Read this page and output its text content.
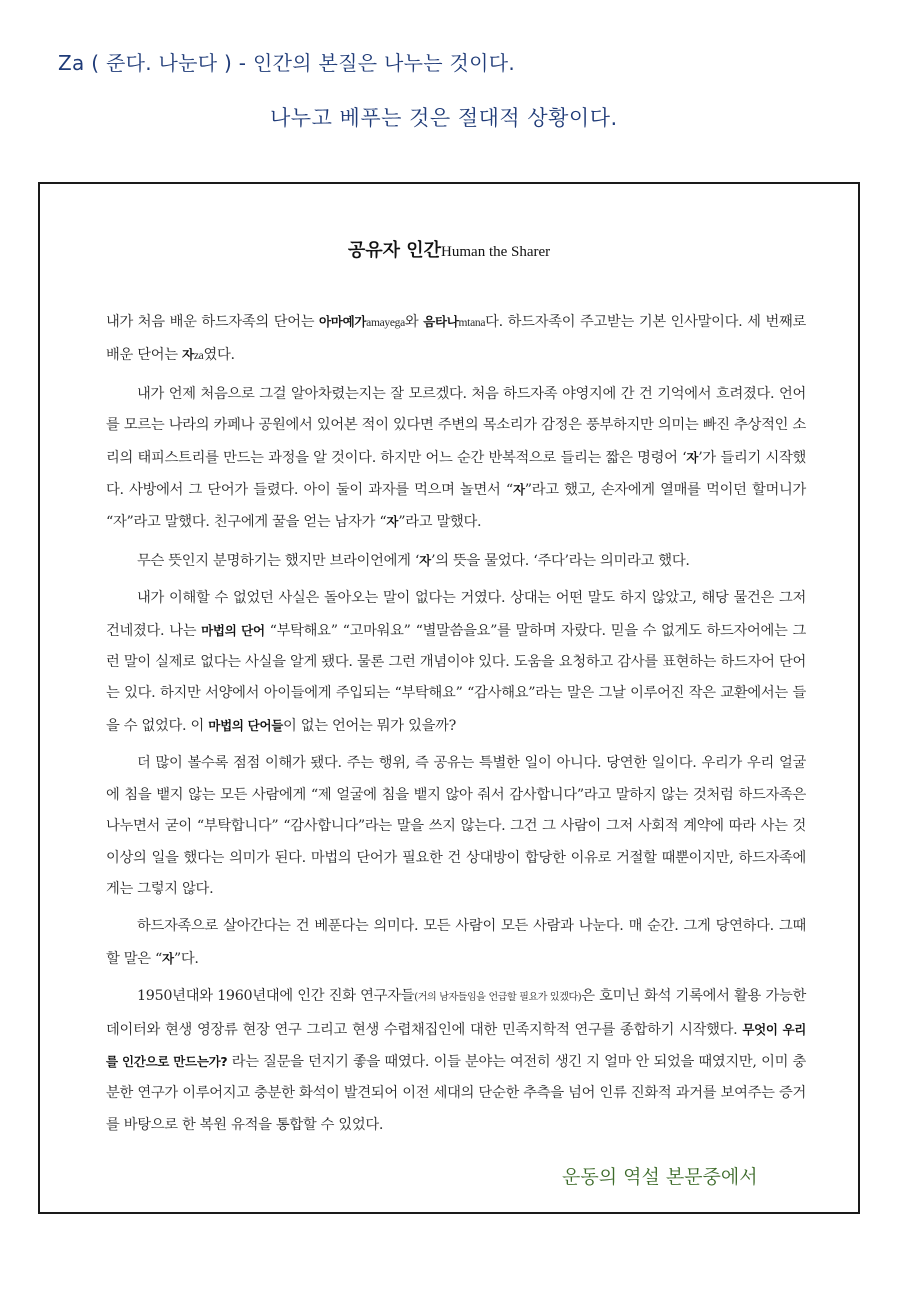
Za ( 준다. 나눈다 ) - 인간의 본질은 나누는 것이다.
나누고 베푸는 것은 절대적 상황이다.
공유자 인간Human the Sharer

내가 처음 배운 하드자족의 단어는 아마예가amayega와 음타나mtana다. 하드자족이 주고받는 기본 인사말이다. 세 번째로 배운 단어는 자za였다.

내가 언제 처음으로 그걸 알아차렸는지는 잘 모르겠다. 처음 하드자족 야영지에 간 건 기억에서 흐려졌다. 언어를 모르는 나라의 카페나 공원에서 있어본 적이 있다면 주변의 목소리가 감정은 풍부하지만 의미는 빠진 추상적인 소리의 태피스트리를 만드는 과정을 알 것이다. 하지만 어느 순간 반복적으로 들리는 짧은 명령어 ‘자’가 들리기 시작했다. 사방에서 그 단어가 들렸다. 아이 둘이 과자를 먹으며 놀면서 “자”라고 했고, 손자에게 열매를 먹이던 할머니가 “자”라고 말했다. 친구에게 꿀을 얻는 남자가 “자”라고 말했다.

무슨 뜻인지 분명하기는 했지만 브라이언에게 ‘자’의 뜻을 물었다. ‘주다’라는 의미라고 했다.

내가 이해할 수 없었던 사실은 돌아오는 말이 없다는 거였다. 상대는 어떤 말도 하지 않았고, 해당 물건은 그저 건네졌다. 나는 마법의 단어 “부탁해요” “고마워요” “별말씀을요”를 말하며 자랐다. 믿을 수 없게도 하드자어에는 그런 말이 실제로 없다는 사실을 알게 됐다. 물론 그런 개념이야 있다. 도움을 요청하고 감사를 표현하는 하드자어 단어는 있다. 하지만 서양에서 아이들에게 주입되는 “부탁해요” “감사해요”라는 말은 그날 이루어진 작은 교환에서는 들을 수 없었다. 이 마법의 단어들이 없는 언어는 뭐가 있을까?

더 많이 볼수록 점점 이해가 됐다. 주는 행위, 즉 공유는 특별한 일이 아니다. 당연한 일이다. 우리가 우리 얼굴에 침을 뱉지 않는 모든 사람에게 “제 얼굴에 침을 뱉지 않아 줘서 감사합니다”라고 말하지 않는 것처럼 하드자족은 나누면서 굳이 “부탁합니다” “감사합니다”라는 말을 쓰지 않는다. 그건 그 사람이 그저 사회적 계약에 따라 사는 것 이상의 일을 했다는 의미가 된다. 마법의 단어가 필요한 건 상대방이 합당한 이유로 거절할 때뿐이지만, 하드자족에게는 그렇지 않다.

하드자족으로 살아간다는 건 베푼다는 의미다. 모든 사람이 모든 사람과 나눈다. 매 순간. 그게 당연하다. 그때 할 말은 “자”다.

1950년대와 1960년대에 인간 진화 연구자들(거의 남자들임을 언급할 필요가 있겠다)은 호미닌 화석 기록에서 활용 가능한 데이터와 현생 영장류 현장 연구 그리고 현생 수렵채집인에 대한 민족지학적 연구를 종합하기 시작했다. 무엇이 우리를 인간으로 만드는가? 라는 질문을 던지기 좋을 때였다. 이들 분야는 여전히 생긴 지 얼마 안 되었을 때였지만, 이미 충분한 연구가 이루어지고 충분한 화석이 발견되어 이전 세대의 단순한 추측을 넘어 인류 진화적 과거를 보여주는 증거를 바탕으로 한 복원 유적을 통합할 수 있었다.

운동의 역설 본문중에서
